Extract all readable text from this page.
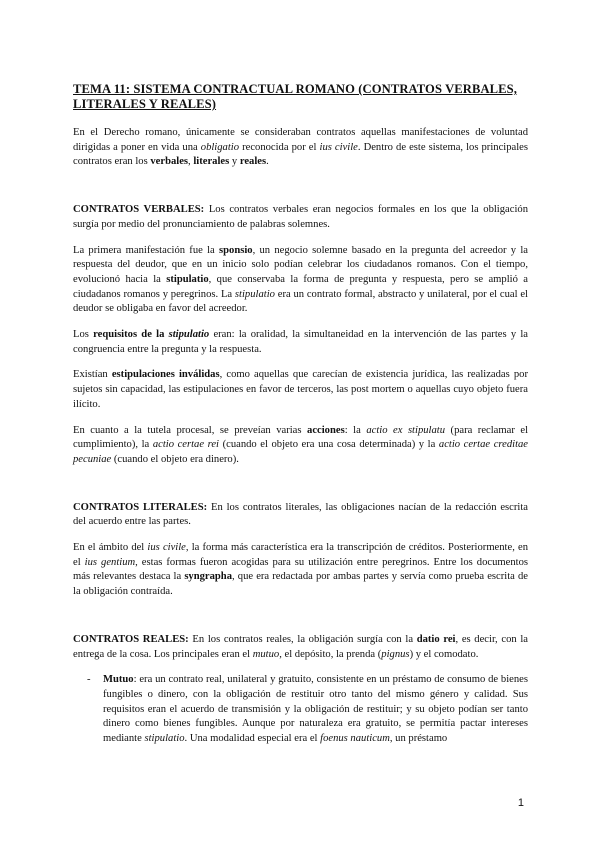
TEMA 11: SISTEMA CONTRACTUAL ROMANO (CONTRATOS VERBALES, LITERALES Y REALES)

En el Derecho romano, únicamente se consideraban contratos aquellas manifestaciones de voluntad dirigidas a poner en vida una obligatio reconocida por el ius civile. Dentro de este sistema, los principales contratos eran los verbales, literales y reales.

CONTRATOS VERBALES: Los contratos verbales eran negocios formales en los que la obligación surgía por medio del pronunciamiento de palabras solemnes.

La primera manifestación fue la sponsio, un negocio solemne basado en la pregunta del acreedor y la respuesta del deudor, que en un inicio solo podían celebrar los ciudadanos romanos. Con el tiempo, evolucionó hacia la stipulatio, que conservaba la forma de pregunta y respuesta, pero se amplió a ciudadanos romanos y peregrinos. La stipulatio era un contrato formal, abstracto y unilateral, por el cual el deudor se obligaba en favor del acreedor.

Los requisitos de la stipulatio eran: la oralidad, la simultaneidad en la intervención de las partes y la congruencia entre la pregunta y la respuesta.

Existían estipulaciones inválidas, como aquellas que carecían de existencia jurídica, las realizadas por sujetos sin capacidad, las estipulaciones en favor de terceros, las post mortem o aquellas cuyo objeto fuera ilícito.

En cuanto a la tutela procesal, se preveían varias acciones: la actio ex stipulatu (para reclamar el cumplimiento), la actio certae rei (cuando el objeto era una cosa determinada) y la actio certae creditae pecuniae (cuando el objeto era dinero).

CONTRATOS LITERALES: En los contratos literales, las obligaciones nacían de la redacción escrita del acuerdo entre las partes.

En el ámbito del ius civile, la forma más característica era la transcripción de créditos. Posteriormente, en el ius gentium, estas formas fueron acogidas para su utilización entre peregrinos. Entre los documentos más relevantes destaca la syngrapha, que era redactada por ambas partes y servía como prueba escrita de la obligación contraída.

CONTRATOS REALES: En los contratos reales, la obligación surgía con la datio rei, es decir, con la entrega de la cosa. Los principales eran el mutuo, el depósito, la prenda (pignus) y el comodato.

- Mutuo: era un contrato real, unilateral y gratuito, consistente en un préstamo de consumo de bienes fungibles o dinero, con la obligación de restituir otro tanto del mismo género y calidad. Sus requisitos eran el acuerdo de transmisión y la obligación de restituir; y su objeto podían ser tanto dinero como bienes fungibles. Aunque por naturaleza era gratuito, se permitía pactar intereses mediante stipulatio. Una modalidad especial era el foenus nauticum, un préstamo
1
